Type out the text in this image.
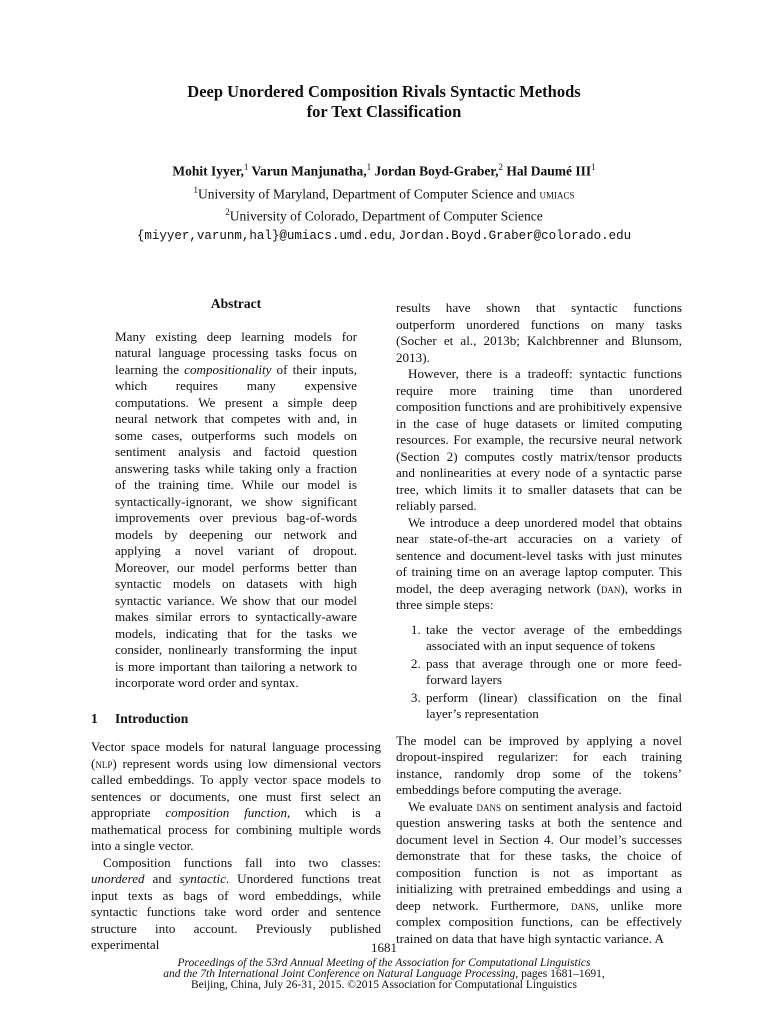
Deep Unordered Composition Rivals Syntactic Methods
for Text Classification
Mohit Iyyer,$^1$ Varun Manjunatha,$^1$ Jordan Boyd-Graber,$^2$ Hal Daumé III$^1$
$^1$University of Maryland, Department of Computer Science and umiacs
$^2$University of Colorado, Department of Computer Science
{miyyer,varunm,hal}@umiacs.umd.edu, Jordan.Boyd.Graber@colorado.edu
Abstract

Many existing deep learning models for natural language processing tasks focus on learning the compositionality of their inputs, which requires many expensive computations. We present a simple deep neural network that competes with and, in some cases, outperforms such models on sentiment analysis and factoid question answering tasks while taking only a fraction of the training time. While our model is syntactically-ignorant, we show significant improvements over previous bag-of-words models by deepening our network and applying a novel variant of dropout. Moreover, our model performs better than syntactic models on datasets with high syntactic variance. We show that our model makes similar errors to syntactically-aware models, indicating that for the tasks we consider, nonlinearly transforming the input is more important than tailoring a network to incorporate word order and syntax.

1 Introduction

Vector space models for natural language processing (nlp) represent words using low dimensional vectors called embeddings. To apply vector space models to sentences or documents, one must first select an appropriate composition function, which is a mathematical process for combining multiple words into a single vector.

Composition functions fall into two classes: unordered and syntactic. Unordered functions treat input texts as bags of word embeddings, while syntactic functions take word order and sentence structure into account. Previously published experimental

results have shown that syntactic functions outperform unordered functions on many tasks (Socher et al., 2013b; Kalchbrenner and Blunsom, 2013).

However, there is a tradeoff: syntactic functions require more training time than unordered composition functions and are prohibitively expensive in the case of huge datasets or limited computing resources. For example, the recursive neural network (Section 2) computes costly matrix/tensor products and nonlinearities at every node of a syntactic parse tree, which limits it to smaller datasets that can be reliably parsed.

We introduce a deep unordered model that obtains near state-of-the-art accuracies on a variety of sentence and document-level tasks with just minutes of training time on an average laptop computer. This model, the deep averaging network (dan), works in three simple steps:

1. take the vector average of the embeddings associated with an input sequence of tokens
2. pass that average through one or more feed-forward layers
3. perform (linear) classification on the final layer’s representation

The model can be improved by applying a novel dropout-inspired regularizer: for each training instance, randomly drop some of the tokens’ embeddings before computing the average.

We evaluate dans on sentiment analysis and factoid question answering tasks at both the sentence and document level in Section 4. Our model’s successes demonstrate that for these tasks, the choice of composition function is not as important as initializing with pretrained embeddings and using a deep network. Furthermore, dans, unlike more complex composition functions, can be effectively trained on data that have high syntactic variance. A

1681
Proceedings of the 53rd Annual Meeting of the Association for Computational Linguistics
and the 7th International Joint Conference on Natural Language Processing, pages 1681–1691,
Beijing, China, July 26-31, 2015. ©2015 Association for Computational Linguistics
